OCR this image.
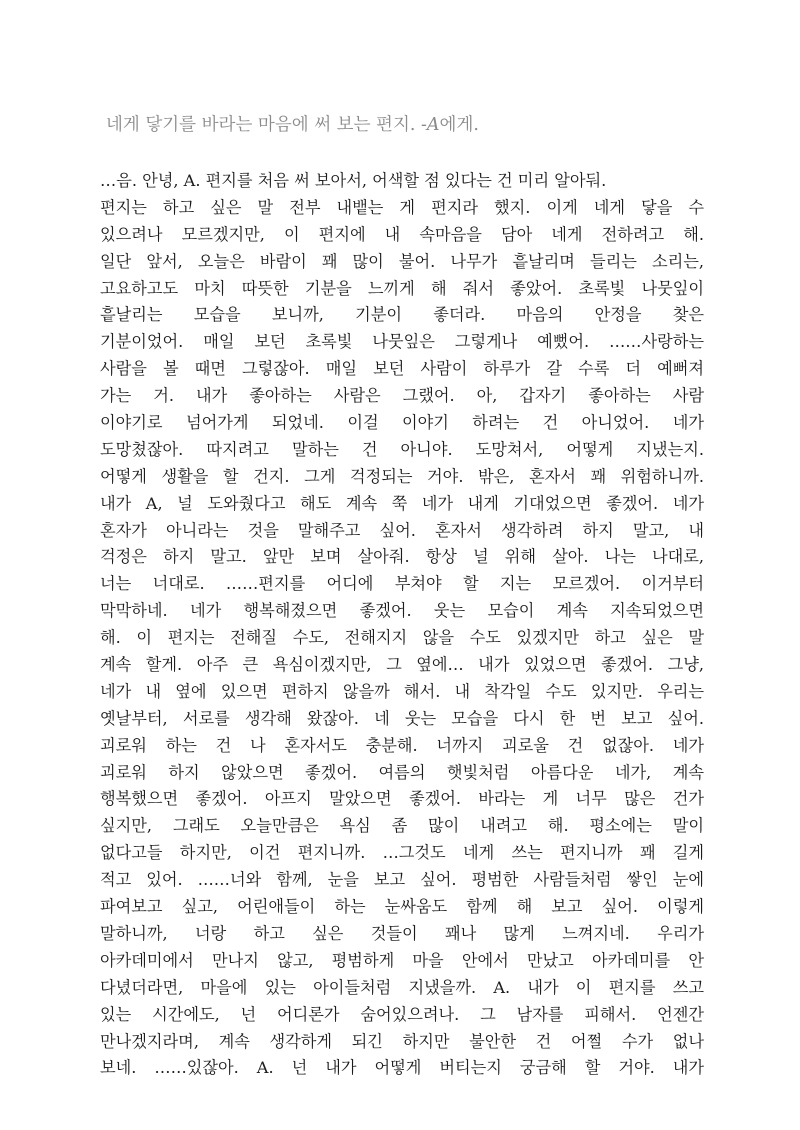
네게 닿기를 바라는 마음에 써 보는 편지. -A에게.
…음. 안녕, A. 편지를 처음 써 보아서, 어색할 점 있다는 건 미리 알아둬.
편지는 하고 싶은 말 전부 내뱉는 게 편지라 했지. 이게 네게 닿을 수
있으려나 모르겠지만, 이 편지에 내 속마음을 담아 네게 전하려고 해.
일단 앞서, 오늘은 바람이 꽤 많이 불어. 나무가 흩날리며 들리는 소리는,
고요하고도 마치 따뜻한 기분을 느끼게 해 줘서 좋았어. 초록빛 나뭇잎이
흩날리는 모습을 보니까, 기분이 좋더라. 마음의 안정을 찾은
기분이었어. 매일 보던 초록빛 나뭇잎은 그렇게나 예뻤어. ……사랑하는
사람을 볼 때면 그렇잖아. 매일 보던 사람이 하루가 갈 수록 더 예뻐져
가는 거. 내가 좋아하는 사람은 그랬어. 아, 갑자기 좋아하는 사람
이야기로 넘어가게 되었네. 이걸 이야기 하려는 건 아니었어. 네가
도망쳤잖아. 따지려고 말하는 건 아니야. 도망쳐서, 어떻게 지냈는지.
어떻게 생활을 할 건지. 그게 걱정되는 거야. 밖은, 혼자서 꽤 위험하니까.
내가 A, 널 도와줬다고 해도 계속 쭉 네가 내게 기대었으면 좋겠어. 네가
혼자가 아니라는 것을 말해주고 싶어. 혼자서 생각하려 하지 말고, 내
걱정은 하지 말고. 앞만 보며 살아줘. 항상 널 위해 살아. 나는 나대로,
너는 너대로. ……편지를 어디에 부쳐야 할 지는 모르겠어. 이거부터
막막하네. 네가 행복해졌으면 좋겠어. 웃는 모습이 계속 지속되었으면
해. 이 편지는 전해질 수도, 전해지지 않을 수도 있겠지만 하고 싶은 말
계속 할게. 아주 큰 욕심이겠지만, 그 옆에… 내가 있었으면 좋겠어. 그냥,
네가 내 옆에 있으면 편하지 않을까 해서. 내 착각일 수도 있지만. 우리는
옛날부터, 서로를 생각해 왔잖아. 네 웃는 모습을 다시 한 번 보고 싶어.
괴로워 하는 건 나 혼자서도 충분해. 너까지 괴로울 건 없잖아. 네가
괴로워 하지 않았으면 좋겠어. 여름의 햇빛처럼 아름다운 네가, 계속
행복했으면 좋겠어. 아프지 말았으면 좋겠어. 바라는 게 너무 많은 건가
싶지만, 그래도 오늘만큼은 욕심 좀 많이 내려고 해. 평소에는 말이
없다고들 하지만, 이건 편지니까. …그것도 네게 쓰는 편지니까 꽤 길게
적고 있어. ……너와 함께, 눈을 보고 싶어. 평범한 사람들처럼 쌓인 눈에
파여보고 싶고, 어린애들이 하는 눈싸움도 함께 해 보고 싶어. 이렇게
말하니까, 너랑 하고 싶은 것들이 꽤나 많게 느껴지네. 우리가
아카데미에서 만나지 않고, 평범하게 마을 안에서 만났고 아카데미를 안
다녔더라면, 마을에 있는 아이들처럼 지냈을까. A. 내가 이 편지를 쓰고
있는 시간에도, 넌 어디론가 숨어있으려나. 그 남자를 피해서. 언젠간
만나겠지라며, 계속 생각하게 되긴 하지만 불안한 건 어쩔 수가 없나
보네. ……있잖아. A. 넌 내가 어떻게 버티는지 궁금해 할 거야. 내가
